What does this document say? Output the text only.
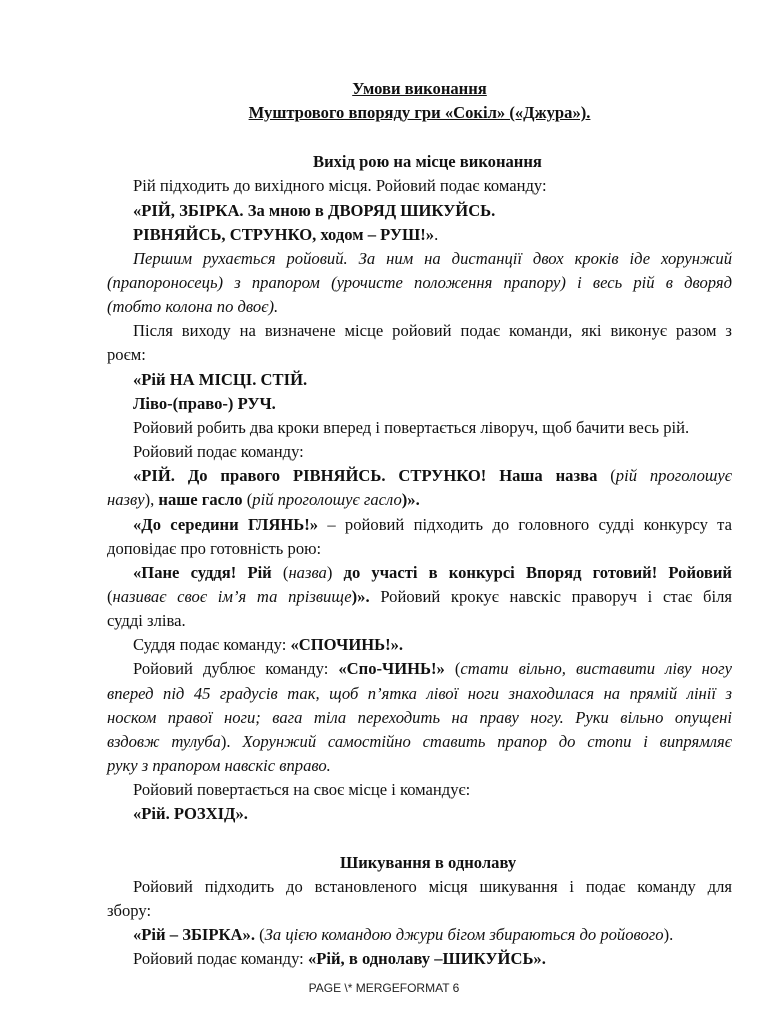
Умови виконання
Муштрового впоряду гри «Сокіл» («Джура»).
Вихід рою на місце виконання
Рій підходить до вихідного місця. Ройовий подає команду:
«РІЙ, ЗБІРКА. За мною в ДВОРЯД ШИКУЙСЬ.
РІВНЯЙСЬ, СТРУНКО, ходом – РУШ!».
Першим рухається ройовий. За ним на дистанції двох кроків іде хорунжий
(прапороносець) з прапором (урочисте положення прапору) і весь рій в дворяд
(тобто колона по двоє).
Після виходу на визначене місце ройовий подає команди, які виконує разом з
роєм:
«Рій НА МІСЦІ. СТІЙ.
Ліво-(право-) РУЧ.
Ройовий робить два кроки вперед і повертається ліворуч, щоб бачити весь рій.
Ройовий подає команду:
«РІЙ. До правого РІВНЯЙСЬ. СТРУНКО! Наша назва (рій проголошує
назву), наше гасло (рій проголошує гасло)».
«До середини ГЛЯНЬ!» – ройовий підходить до головного судді конкурсу та
доповідає про готовність рою:
«Пане суддя! Рій (назва) до участі в конкурсі Впоряд готовий! Ройовий
(називає своє ім’я та прізвище)». Ройовий крокує навскіс праворуч і стає біля
судді зліва.
Суддя подає команду: «СПОЧИНЬ!».
Ройовий дублює команду: «Спо-ЧИНЬ!» (стати вільно, виставити ліву ногу
вперед під 45 градусів так, щоб п’ятка лівої ноги знаходилася на прямій лінії з
носком правої ноги; вага тіла переходить на праву ногу. Руки вільно опущені
вздовж тулуба). Хорунжий самостійно ставить прапор до стопи і випрямляє
руку з прапором навскіс вправо.
Ройовий повертається на своє місце і командує:
«Рій. РОЗХІД».
Шикування в однолаву
Ройовий підходить до встановленого місця шикування і подає команду для
збору:
«Рій – ЗБІРКА». (За цією командою джури бігом збираються до ройового).
Ройовий подає команду: «Рій, в однолаву –ШИКУЙСЬ».
PAGE \* MERGEFORMAT 6
